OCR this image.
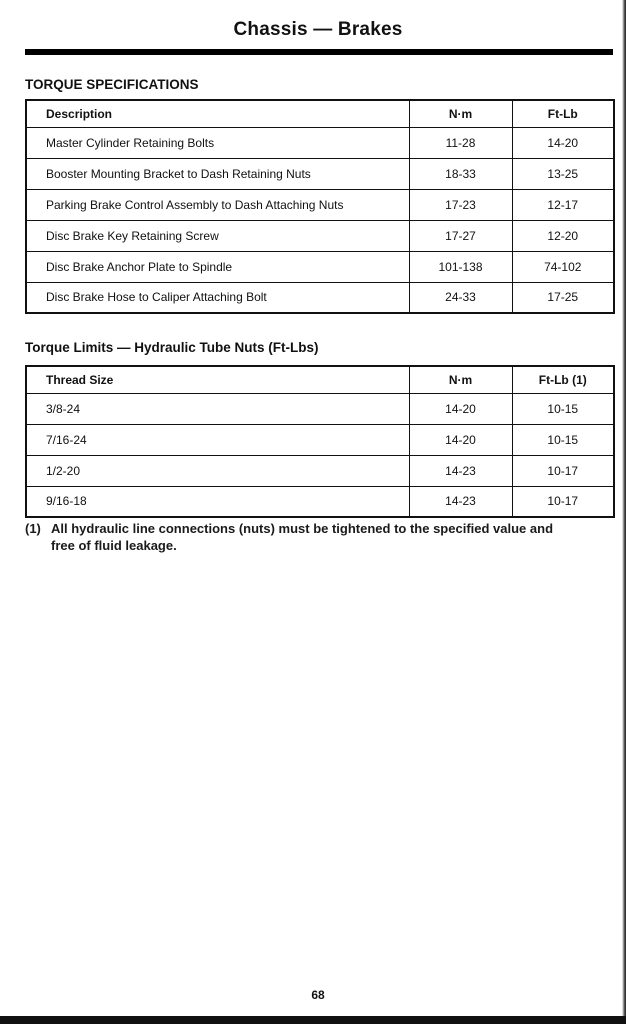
Chassis — Brakes
TORQUE SPECIFICATIONS
Description	N·m	Ft-Lb
Master Cylinder Retaining Bolts	11-28	14-20
Booster Mounting Bracket to Dash Retaining Nuts	18-33	13-25
Parking Brake Control Assembly to Dash Attaching Nuts	17-23	12-17
Disc Brake Key Retaining Screw	17-27	12-20
Disc Brake Anchor Plate to Spindle	101-138	74-102
Disc Brake Hose to Caliper Attaching Bolt	24-33	17-25
Torque Limits — Hydraulic Tube Nuts (Ft-Lbs)
Thread Size	N·m	Ft-Lb (1)
3/8-24	14-20	10-15
7/16-24	14-20	10-15
1/2-20	14-23	10-17
9/16-18	14-23	10-17
(1) All hydraulic line connections (nuts) must be tightened to the specified value and
free of fluid leakage.
68
